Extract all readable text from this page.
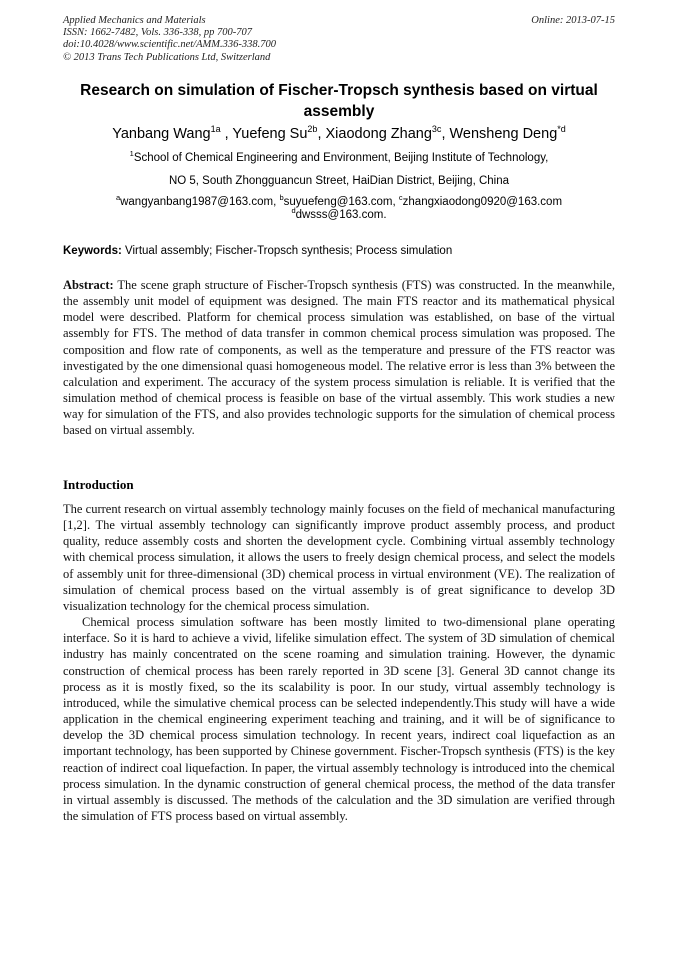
Applied Mechanics and Materials
ISSN: 1662-7482, Vols. 336-338, pp 700-707
doi:10.4028/www.scientific.net/AMM.336-338.700
© 2013 Trans Tech Publications Ltd, Switzerland
Online: 2013-07-15
Research on simulation of Fischer-Tropsch synthesis based on virtual assembly
Yanbang Wang$^{1a}$ , Yuefeng $Su^{2b}$, Xiaodong Zhang$^{3c}$, Wensheng Deng$^{*d}$
$^1$School of Chemical Engineering and Environment, Beijing Institute of Technology,
NO 5, South Zhongguancun Street, HaiDian District, Beijing, China
$^a$wangyanbang1987@163.com, $^b$suyuefeng@163.com, $^c$zhangxiaodong0920@163.com
$^d$dwsss@163.com.
Keywords: Virtual assembly; Fischer-Tropsch synthesis; Process simulation
Abstract: The scene graph structure of Fischer-Tropsch synthesis (FTS) was constructed. In the meanwhile, the assembly unit model of equipment was designed. The main FTS reactor and its mathematical physical model were described. Platform for chemical process simulation was established, on base of the virtual assembly for FTS. The method of data transfer in common chemical process simulation was proposed. The composition and flow rate of components, as well as the temperature and pressure of the FTS reactor was investigated by the one dimensional quasi homogeneous model. The relative error is less than 3% between the calculation and experiment. The accuracy of the system process simulation is reliable. It is verified that the simulation method of chemical process is feasible on base of the virtual assembly. This work studies a new way for simulation of the FTS, and also provides technologic supports for the simulation of chemical process based on virtual assembly.
Introduction

The current research on virtual assembly technology mainly focuses on the field of mechanical manufacturing [1,2]. The virtual assembly technology can significantly improve product assembly process, and product quality, reduce assembly costs and shorten the development cycle. Combining virtual assembly technology with chemical process simulation, it allows the users to freely design chemical process, and select the models of assembly unit for three-dimensional (3D) chemical process in virtual environment (VE). The realization of simulation of chemical process based on the virtual assembly is of great significance to develop 3D visualization technology for the chemical process simulation.

Chemical process simulation software has been mostly limited to two-dimensional plane operating interface. So it is hard to achieve a vivid, lifelike simulation effect. The system of 3D simulation of chemical industry has mainly concentrated on the scene roaming and simulation training. However, the dynamic construction of chemical process has been rarely reported in 3D scene [3]. General 3D cannot change its process as it is mostly fixed, so the its scalability is poor. In our study, virtual assembly technology is introduced, while the simulative chemical process can be selected independently.This study will have a wide application in the chemical engineering experiment teaching and training, and it will be of significance to develop the 3D chemical process simulation technology. In recent years, indirect coal liquefaction as an important technology, has been supported by Chinese government. Fischer-Tropsch synthesis (FTS) is the key reaction of indirect coal liquefaction. In paper, the virtual assembly technology is introduced into the chemical process simulation. In the dynamic construction of general chemical process, the method of the data transfer in virtual assembly is discussed. The methods of the calculation and the 3D simulation are verified through the simulation of FTS process based on virtual assembly.
